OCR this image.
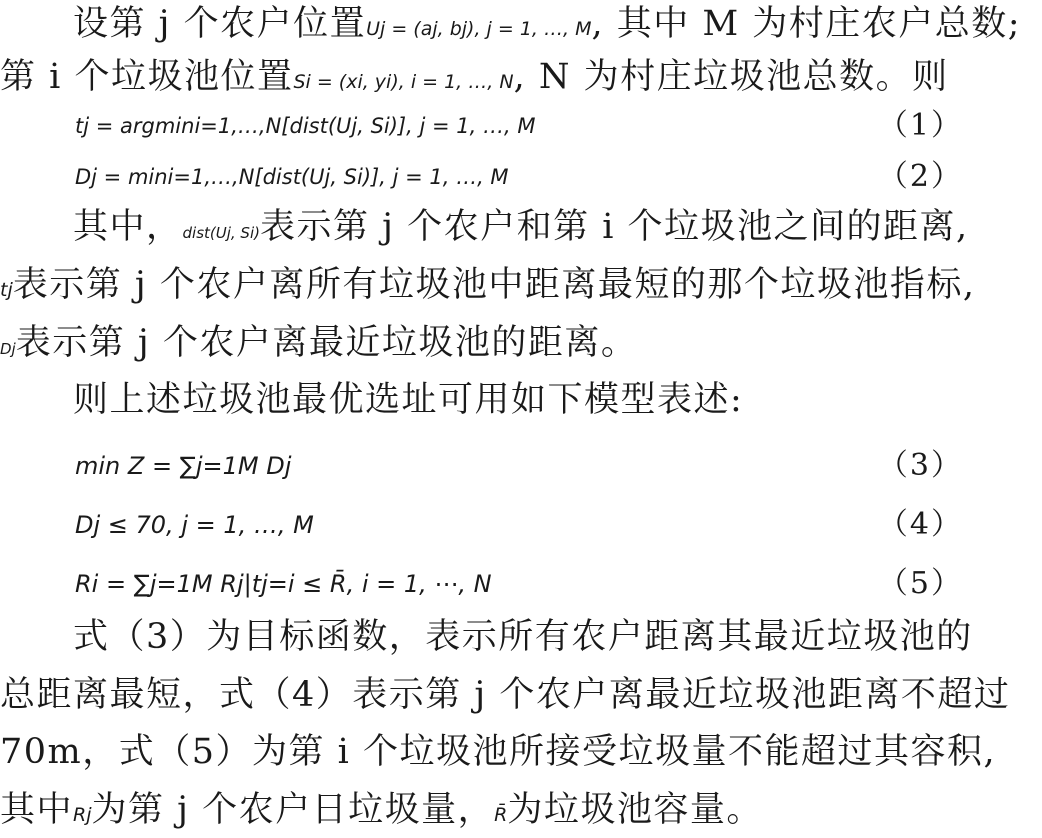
设第 j 个农户位置Uj = (aj, bj), j = 1, …, M, 其中 M 为村庄农户总数;
第 i 个垃圾池位置Si = (xi, yi), i = 1, …, N, N 为村庄垃圾池总数。则
tj = argmini=1,…,N[dist(Uj, Si)], j = 1, …, M	（1）
Dj = mini=1,…,N[dist(Uj, Si)], j = 1, …, M	（2）
其中，dist(Uj, Si)表示第 j 个农户和第 i 个垃圾池之间的距离,
tj表示第 j 个农户离所有垃圾池中距离最短的那个垃圾池指标,
Dj表示第 j 个农户离最近垃圾池的距离。
则上述垃圾池最优选址可用如下模型表述:
min Z = ∑j=1M Dj	（3）
Dj ≤ 70, j = 1, …, M	（4）
Ri = ∑j=1M Rj|tj=i ≤ R̄, i = 1, ⋯, N	（5）
式（3）为目标函数，表示所有农户距离其最近垃圾池的
总距离最短，式（4）表示第 j 个农户离最近垃圾池距离不超过
70m，式（5）为第 i 个垃圾池所接受垃圾量不能超过其容积,
其中Rj为第 j 个农户日垃圾量，R̄为垃圾池容量。
